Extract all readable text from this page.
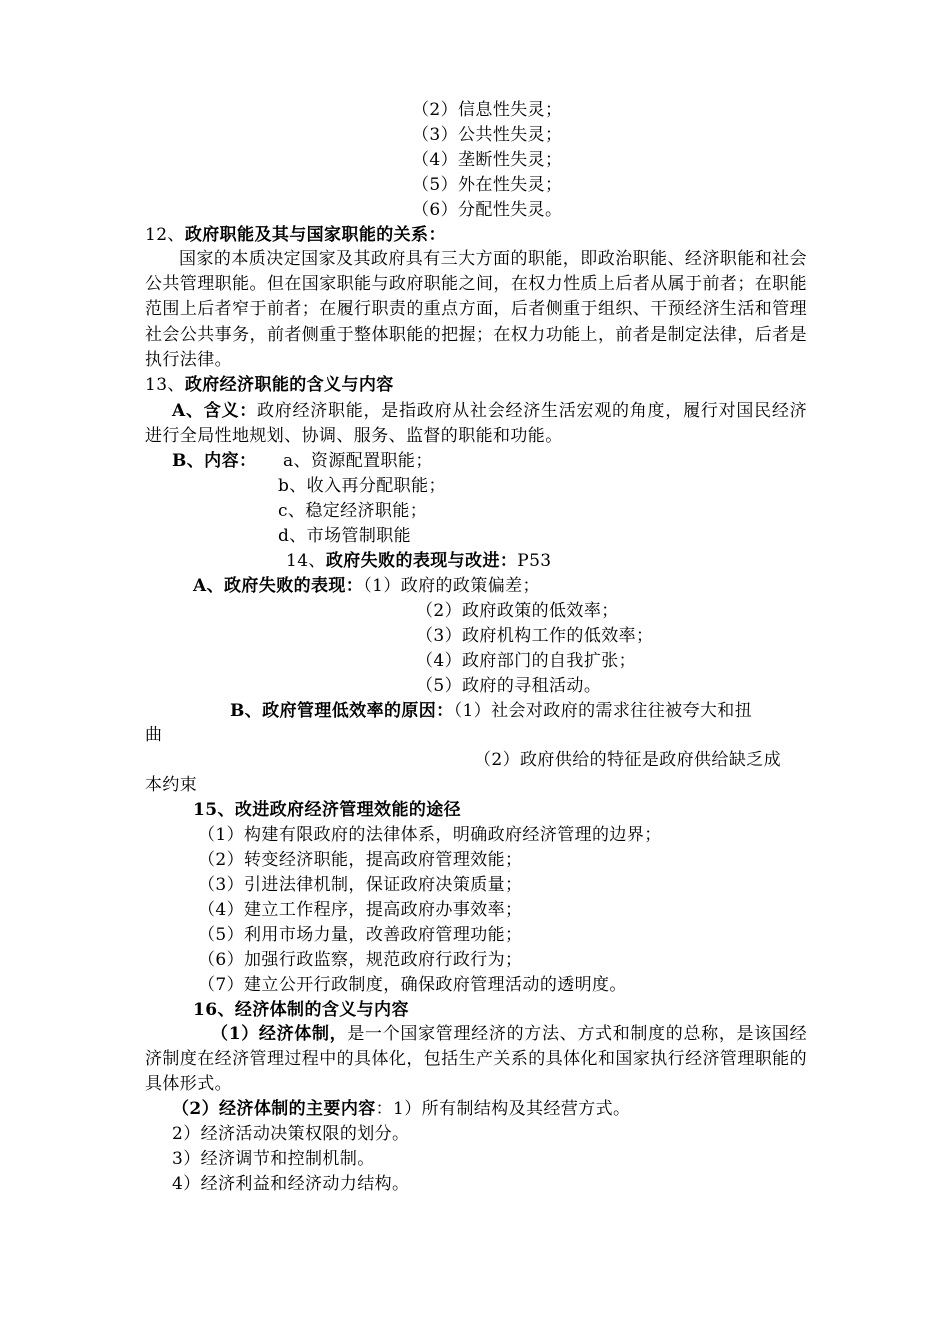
（2）信息性失灵；
（3）公共性失灵；
（4）垄断性失灵；
（5）外在性失灵；
（6）分配性失灵。
12、政府职能及其与国家职能的关系：
国家的本质决定国家及其政府具有三大方面的职能，即政治职能、经济职能和社会公共管理职能。但在国家职能与政府职能之间，在权力性质上后者从属于前者；在职能范围上后者窄于前者；在履行职责的重点方面，后者侧重于组织、干预经济生活和管理社会公共事务，前者侧重于整体职能的把握；在权力功能上，前者是制定法律，后者是执行法律。
13、政府经济职能的含义与内容
A、含义：政府经济职能，是指政府从社会经济生活宏观的角度，履行对国民经济进行全局性地规划、协调、服务、监督的职能和功能。
B、内容： a、资源配置职能；
b、收入再分配职能；
c、稳定经济职能；
d、市场管制职能
14、政府失败的表现与改进：P53
A、政府失败的表现：（1）政府的政策偏差；
（2）政府政策的低效率；
（3）政府机构工作的低效率；
（4）政府部门的自我扩张；
（5）政府的寻租活动。
B、政府管理低效率的原因：（1）社会对政府的需求往往被夸大和扭
曲
（2）政府供给的特征是政府供给缺乏成
本约束
15、改进政府经济管理效能的途径
（1）构建有限政府的法律体系，明确政府经济管理的边界；
（2）转变经济职能，提高政府管理效能；
（3）引进法律机制，保证政府决策质量；
（4）建立工作程序，提高政府办事效率；
（5）利用市场力量，改善政府管理功能；
（6）加强行政监察，规范政府行政行为；
（7）建立公开行政制度，确保政府管理活动的透明度。
16、经济体制的含义与内容
（1）经济体制，是一个国家管理经济的方法、方式和制度的总称，是该国经济制度在经济管理过程中的具体化，包括生产关系的具体化和国家执行经济管理职能的具体形式。
（2）经济体制的主要内容：1）所有制结构及其经营方式。
2）经济活动决策权限的划分。
3）经济调节和控制机制。
4）经济利益和经济动力结构。
